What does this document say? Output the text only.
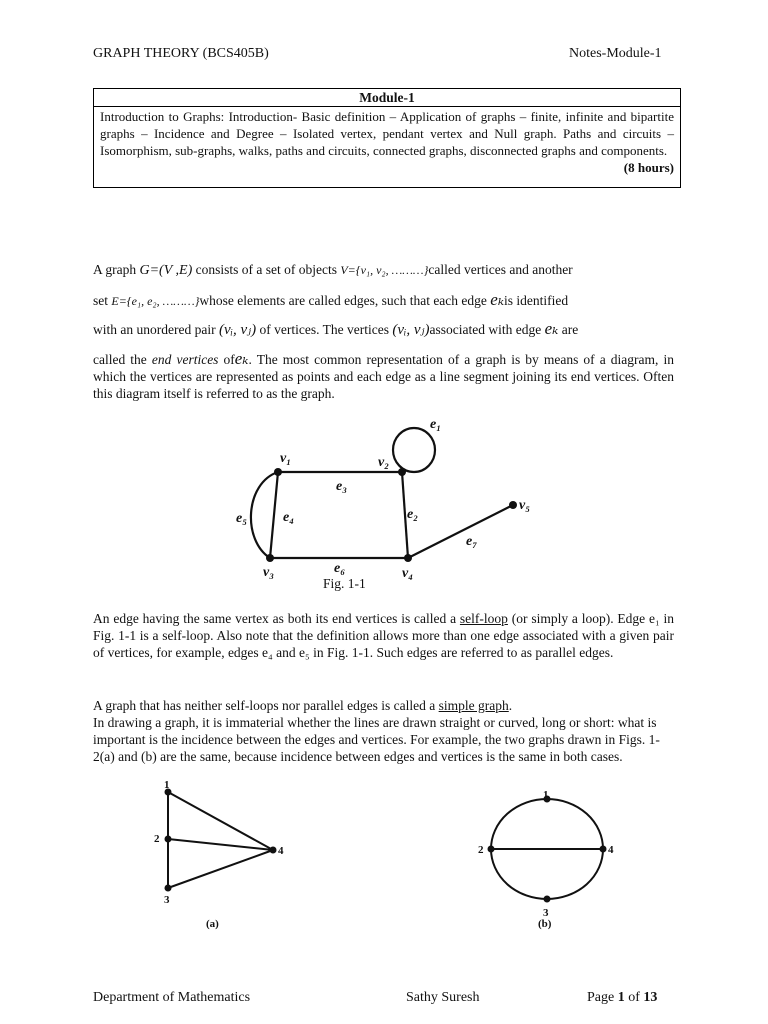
GRAPH THEORY (BCS405B)	Notes-Module-1
Module-1
Introduction to Graphs: Introduction- Basic definition – Application of graphs – finite, infinite and bipartite graphs – Incidence and Degree – Isolated vertex, pendant vertex and Null graph. Paths and circuits – Isomorphism, sub-graphs, walks, paths and circuits, connected graphs, disconnected graphs and components.
(8 hours)

A graph G=(V ,E) consists of a set of objects V={v₁, v₂, ………}called vertices and another

set E={e₁, e₂, ………}whose elements are called edges, such that each edge eₖis identified

with an unordered pair (vᵢ, vⱼ) of vertices. The vertices (vᵢ, vⱼ)associated with edge eₖ are

called the end vertices ofeₖ. The most common representation of a graph is by means of a diagram, in which the vertices are represented as points and each edge as a line segment joining its end vertices. Often this diagram itself is referred to as the graph.

v₁	v₂
v₃	v₄
v₅
e₁
e₂
e₃
e₄
e₅
e₆
e₇
Fig. 1-1

An edge having the same vertex as both its end vertices is called a self-loop (or simply a loop). Edge e₁ in Fig. 1-1 is a self-loop. Also note that the definition allows more than one edge associated with a given pair of vertices, for example, edges e₄ and e₅ in Fig. 1-1. Such edges are referred to as parallel edges.

A graph that has neither self-loops nor parallel edges is called a simple graph.

In drawing a graph, it is immaterial whether the lines are drawn straight or curved, long or short: what is important is the incidence between the edges and vertices. For example, the two graphs drawn in Figs. 1-2(a) and (b) are the same, because incidence between edges and vertices is the same in both cases.

1
2
3
4
(a)
1
2
3
4
(b)
Department of Mathematics	Sathy Suresh	Page 1 of 13
